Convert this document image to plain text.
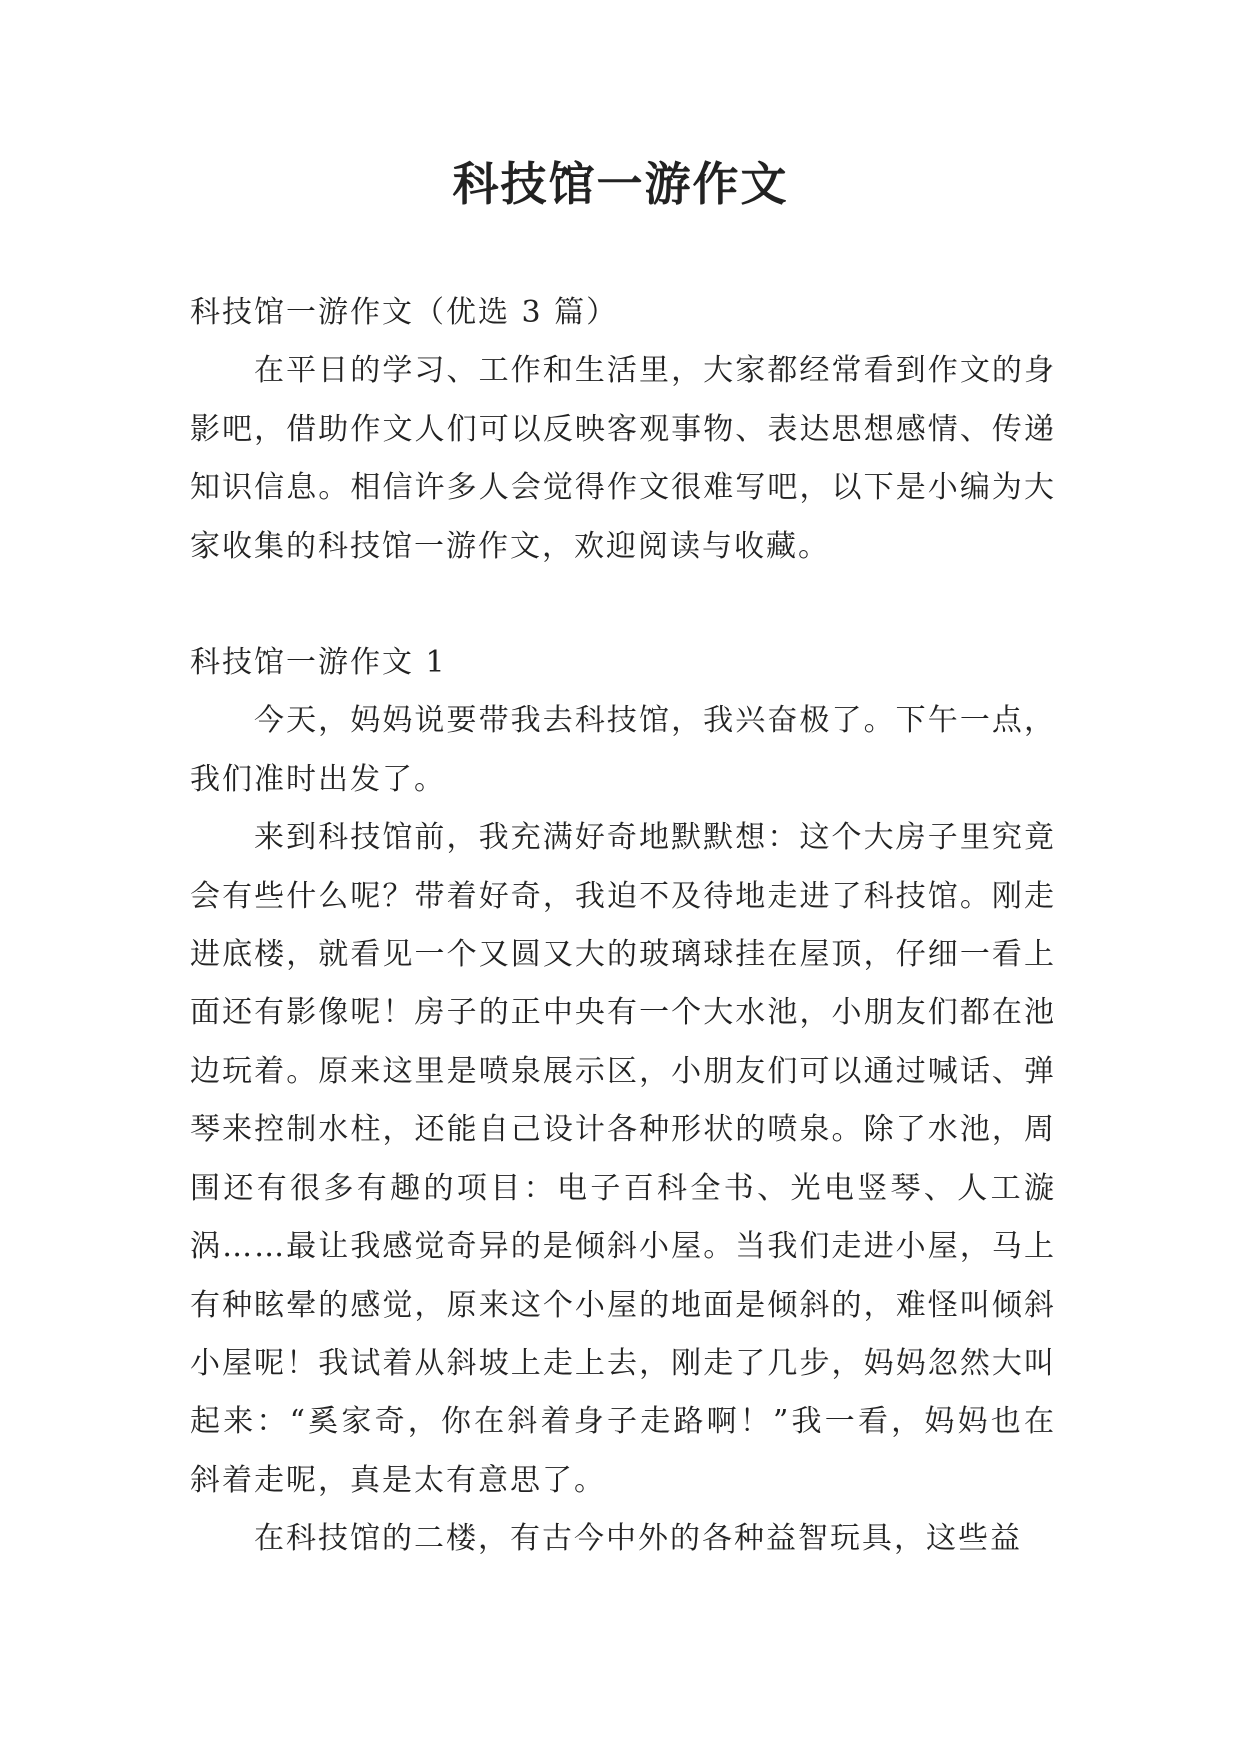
科技馆一游作文

科技馆一游作文（优选 3 篇）

在平日的学习、工作和生活里，大家都经常看到作文的身影吧，借助作文人们可以反映客观事物、表达思想感情、传递知识信息。相信许多人会觉得作文很难写吧，以下是小编为大家收集的科技馆一游作文，欢迎阅读与收藏。

科技馆一游作文 1

今天，妈妈说要带我去科技馆，我兴奋极了。下午一点，我们准时出发了。

来到科技馆前，我充满好奇地默默想：这个大房子里究竟会有些什么呢？带着好奇，我迫不及待地走进了科技馆。刚走进底楼，就看见一个又圆又大的玻璃球挂在屋顶，仔细一看上面还有影像呢！房子的正中央有一个大水池，小朋友们都在池边玩着。原来这里是喷泉展示区，小朋友们可以通过喊话、弹琴来控制水柱，还能自己设计各种形状的喷泉。除了水池，周围还有很多有趣的项目：电子百科全书、光电竖琴、人工漩涡……最让我感觉奇异的是倾斜小屋。当我们走进小屋，马上有种眩晕的感觉，原来这个小屋的地面是倾斜的，难怪叫倾斜小屋呢！我试着从斜坡上走上去，刚走了几步，妈妈忽然大叫起来：“奚家奇，你在斜着身子走路啊！”我一看，妈妈也在斜着走呢，真是太有意思了。

在科技馆的二楼，有古今中外的各种益智玩具，这些益
